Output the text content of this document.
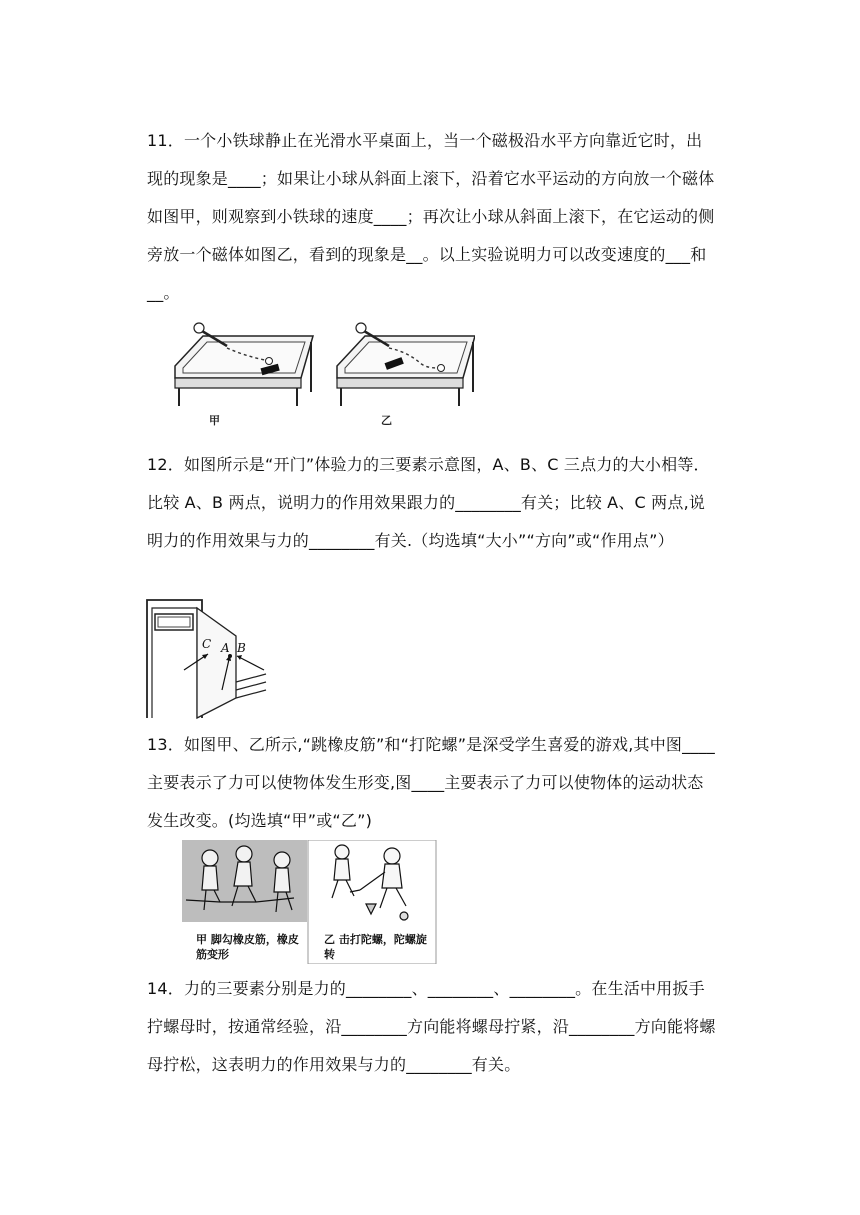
11．一个小铁球静止在光滑水平桌面上，当一个磁极沿水平方向靠近它时，出现的现象是____；如果让小球从斜面上滚下，沿着它水平运动的方向放一个磁体如图甲，则观察到小铁球的速度____；再次让小球从斜面上滚下，在它运动的侧旁放一个磁体如图乙，看到的现象是__。以上实验说明力可以改变速度的___和__。
甲	乙
12．如图所示是“开门”体验力的三要素示意图，A、B、C 三点力的大小相等．比较 A、B 两点，说明力的作用效果跟力的________有关；比较 A、C 两点,说明力的作用效果与力的________有关.（均选填“大小”“方向”或“作用点”）
C A B
13．如图甲、乙所示,“跳橡皮筋”和“打陀螺”是深受学生喜爱的游戏,其中图____主要表示了力可以使物体发生形变,图____主要表示了力可以使物体的运动状态发生改变。(均选填“甲”或“乙”)
甲 脚勾橡皮筋，橡皮筋变形
乙 击打陀螺，陀螺旋转
14．力的三要素分别是力的________、________、________。在生活中用扳手拧螺母时，按通常经验，沿________方向能将螺母拧紧，沿________方向能将螺母拧松，这表明力的作用效果与力的________有关。
